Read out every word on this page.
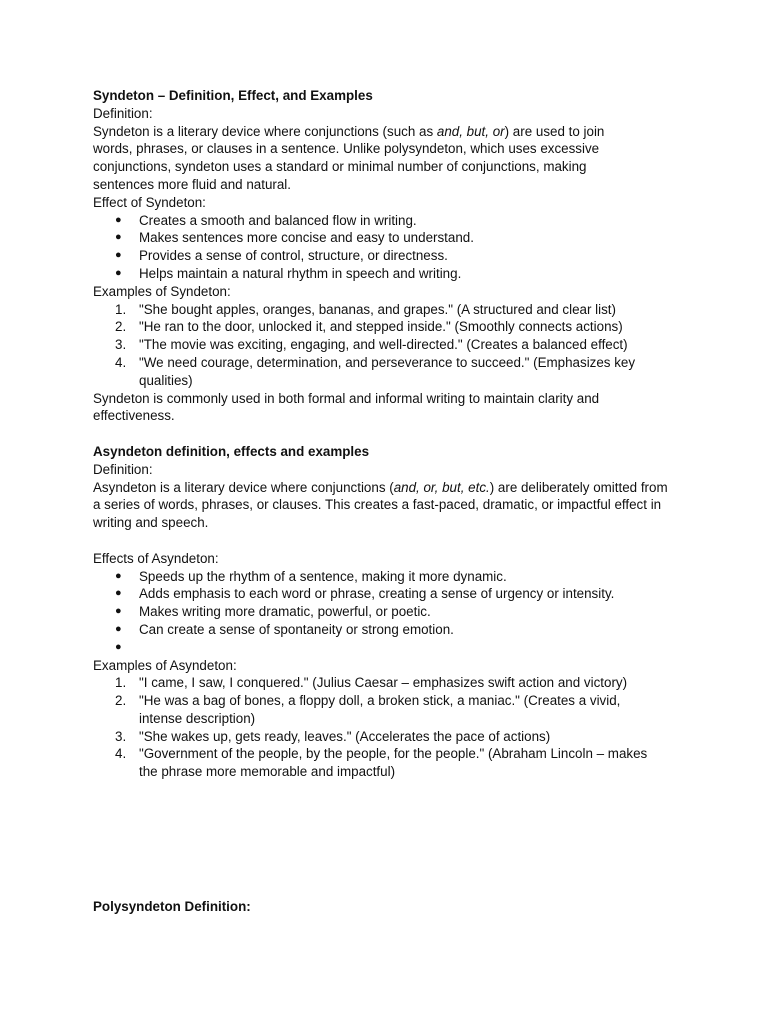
Syndeton – Definition, Effect, and Examples
Definition:

Syndeton is a literary device where conjunctions (such as and, but, or) are used to join words, phrases, or clauses in a sentence. Unlike polysyndeton, which uses excessive conjunctions, syndeton uses a standard or minimal number of conjunctions, making sentences more fluid and natural.

Effect of Syndeton:
● Creates a smooth and balanced flow in writing.
● Makes sentences more concise and easy to understand.
● Provides a sense of control, structure, or directness.
● Helps maintain a natural rhythm in speech and writing.
Examples of Syndeton:
1. "She bought apples, oranges, bananas, and grapes." (A structured and clear list)
2. "He ran to the door, unlocked it, and stepped inside." (Smoothly connects actions)
3. "The movie was exciting, engaging, and well-directed." (Creates a balanced effect)
4. "We need courage, determination, and perseverance to succeed." (Emphasizes key qualities)

Syndeton is commonly used in both formal and informal writing to maintain clarity and effectiveness.

Asyndeton definition, effects and examples
Definition:

Asyndeton is a literary device where conjunctions (and, or, but, etc.) are deliberately omitted from a series of words, phrases, or clauses. This creates a fast-paced, dramatic, or impactful effect in writing and speech.

Effects of Asyndeton:
● Speeds up the rhythm of a sentence, making it more dynamic.
● Adds emphasis to each word or phrase, creating a sense of urgency or intensity.
● Makes writing more dramatic, powerful, or poetic.
● Can create a sense of spontaneity or strong emotion.
●
Examples of Asyndeton:
1. "I came, I saw, I conquered." (Julius Caesar – emphasizes swift action and victory)
2. "He was a bag of bones, a floppy doll, a broken stick, a maniac." (Creates a vivid, intense description)
3. "She wakes up, gets ready, leaves." (Accelerates the pace of actions)
4. "Government of the people, by the people, for the people." (Abraham Lincoln – makes the phrase more memorable and impactful)
Polysyndeton Definition:
